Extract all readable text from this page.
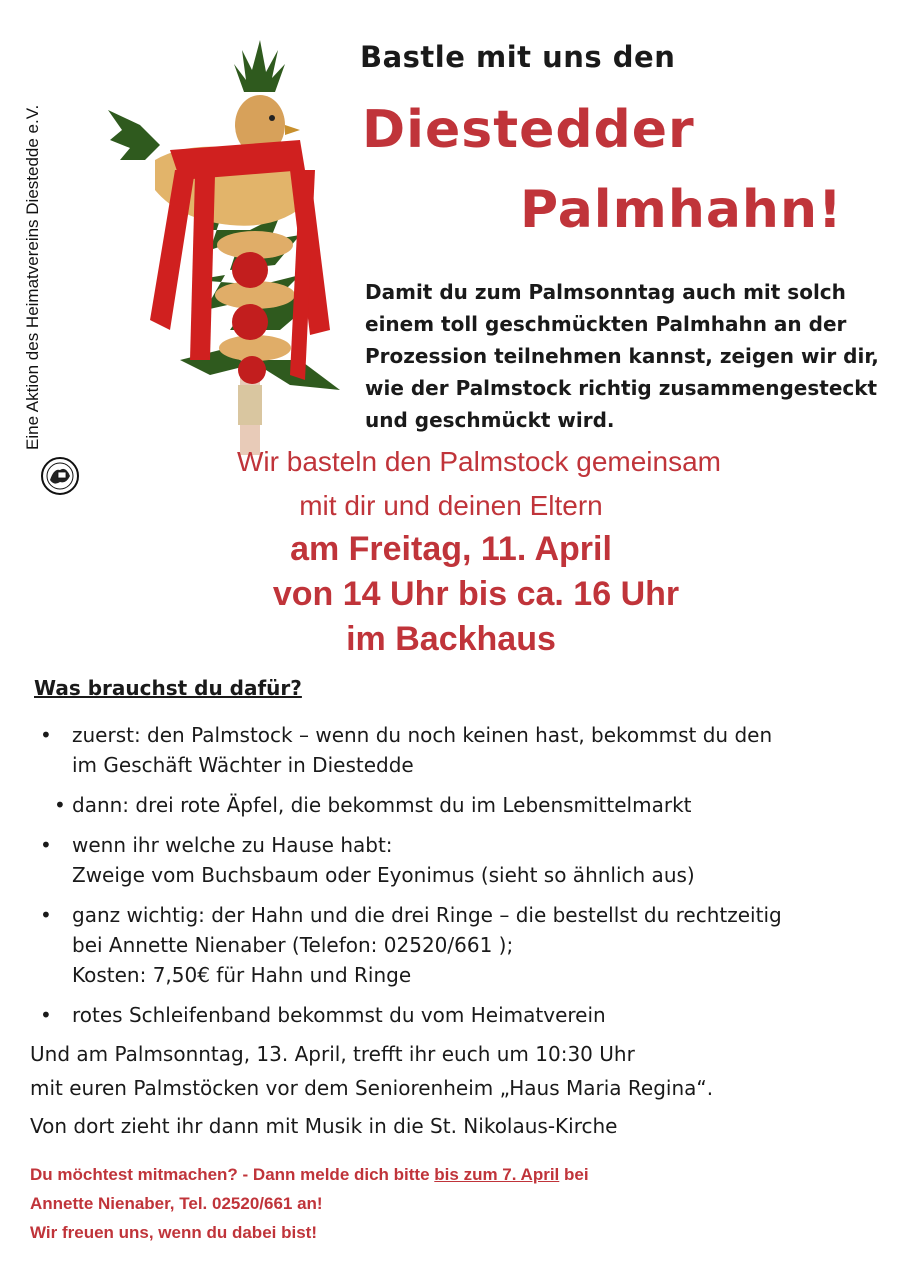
Eine Aktion des Heimatvereins Diestedde e.V.
Bastle mit uns den
Diestedder
Palmhahn!

Damit du zum Palmsonntag auch mit solch
einem toll geschmückten Palmhahn an der
Prozession teilnehmen kannst, zeigen wir dir,
wie der Palmstock richtig zusammengesteckt
und geschmückt wird.

Wir basteln den Palmstock gemeinsam
mit dir und deinen Eltern
am Freitag, 11. April
von 14 Uhr bis ca. 16 Uhr
im Backhaus
Was brauchst du dafür?
• zuerst: den Palmstock – wenn du noch keinen hast, bekommst du den
im Geschäft Wächter in Diestedde
• dann: drei rote Äpfel, die bekommst du im Lebensmittelmarkt
• wenn ihr welche zu Hause habt:
Zweige vom Buchsbaum oder Eyonimus (sieht so ähnlich aus)
• ganz wichtig: der Hahn und die drei Ringe – die bestellst du rechtzeitig
bei Annette Nienaber (Telefon: 02520/661 );
Kosten: 7,50€ für Hahn und Ringe
• rotes Schleifenband bekommst du vom Heimatverein

Und am Palmsonntag, 13. April, trefft ihr euch um 10:30 Uhr
mit euren Palmstöcken vor dem Seniorenheim „Haus Maria Regina“.

Von dort zieht ihr dann mit Musik in die St. Nikolaus-Kirche

Du möchtest mitmachen? - Dann melde dich bitte bis zum 7. April bei
Annette Nienaber, Tel. 02520/661 an!
Wir freuen uns, wenn du dabei bist!
